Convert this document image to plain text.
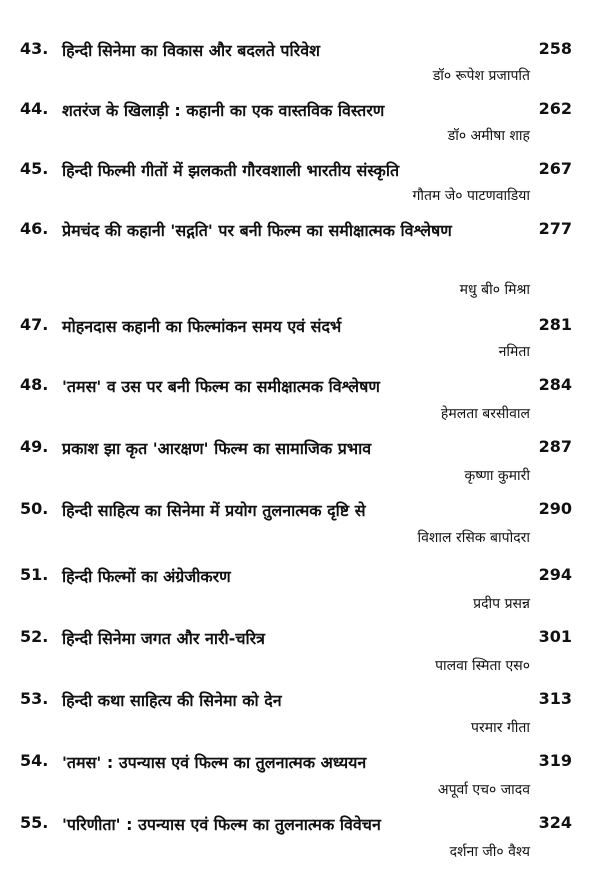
43. हिन्दी सिनेमा का विकास और बदलते परिवेश	258
डॉ० रूपेश प्रजापति
44. शतरंज के खिलाड़ी : कहानी का एक वास्तविक विस्तरण	262
डॉ० अमीषा शाह
45. हिन्दी फिल्मी गीतों में झलकती गौरवशाली भारतीय संस्कृति	267
गौतम जे० पाटणवाडिया
46. प्रेमचंद की कहानी 'सद्गति' पर बनी फिल्म का समीक्षात्मक विश्लेषण	277
मधु बी० मिश्रा
47. मोहनदास कहानी का फिल्मांकन समय एवं संदर्भ	281
नमिता
48. 'तमस' व उस पर बनी फिल्म का समीक्षात्मक विश्लेषण	284
हेमलता बरसीवाल
49. प्रकाश झा कृत 'आरक्षण' फिल्म का सामाजिक प्रभाव	287
कृष्णा कुमारी
50. हिन्दी साहित्य का सिनेमा में प्रयोग तुलनात्मक दृष्टि से	290
विशाल रसिक बापोदरा
51. हिन्दी फिल्मों का अंग्रेजीकरण	294
प्रदीप प्रसन्न
52. हिन्दी सिनेमा जगत और नारी-चरित्र	301
पालवा स्मिता एस०
53. हिन्दी कथा साहित्य की सिनेमा को देन	313
परमार गीता
54. 'तमस' : उपन्यास एवं फिल्म का तुलनात्मक अध्ययन	319
अपूर्वा एच० जादव
55. 'परिणीता' : उपन्यास एवं फिल्म का तुलनात्मक विवेचन	324
दर्शना जी० वैश्य
